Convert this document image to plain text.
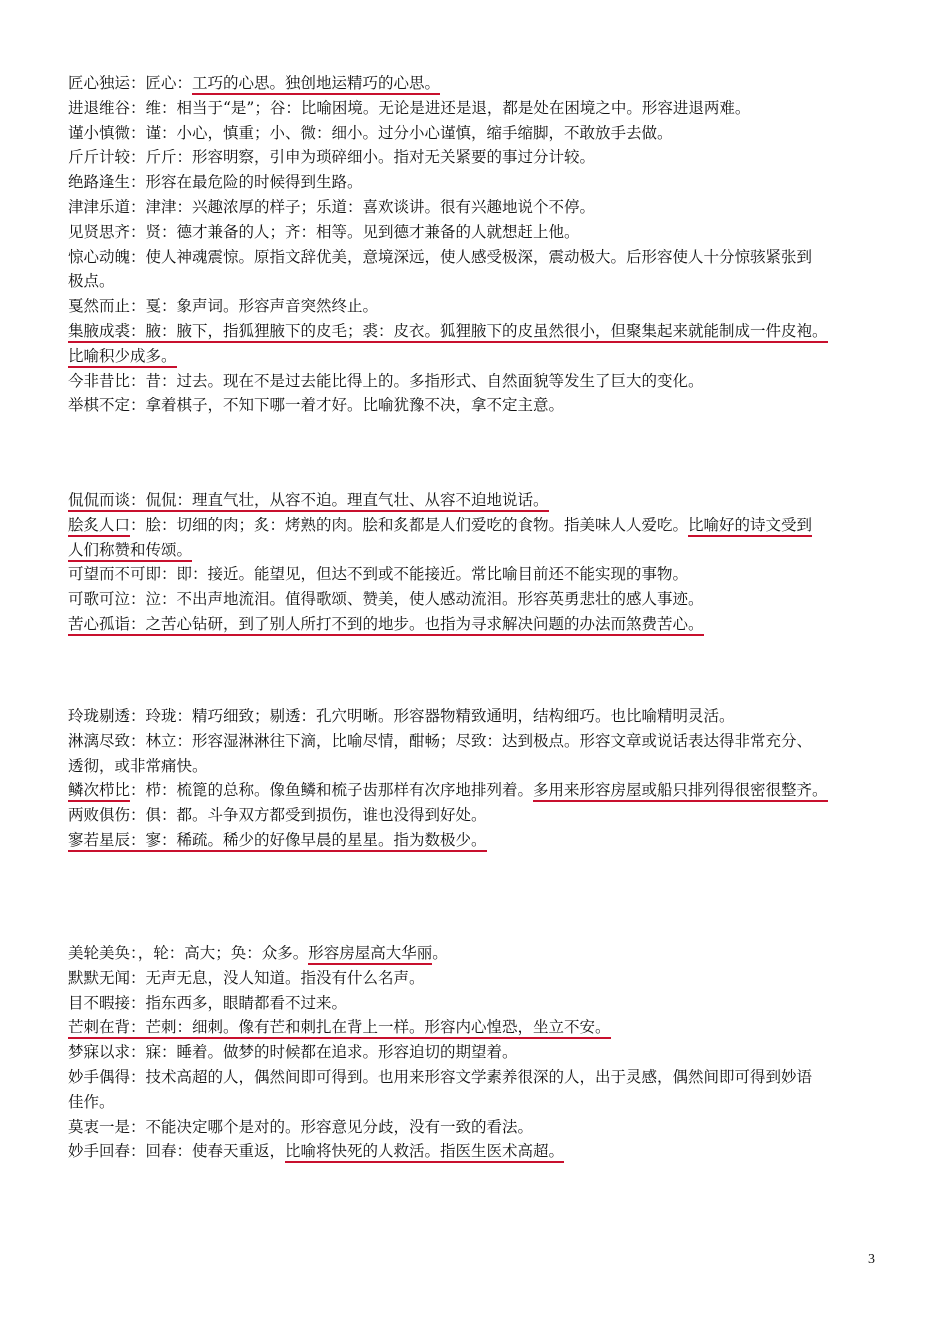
匠心独运：匠心：工巧的心思。独创地运精巧的心思。
进退维谷：维：相当于“是”；谷：比喻困境。无论是进还是退，都是处在困境之中。形容进退两难。
谨小慎微：谨：小心，慎重；小、微：细小。过分小心谨慎，缩手缩脚，不敢放手去做。
斤斤计较：斤斤：形容明察，引申为琐碎细小。指对无关紧要的事过分计较。
绝路逢生：形容在最危险的时候得到生路。
津津乐道：津津：兴趣浓厚的样子；乐道：喜欢谈讲。很有兴趣地说个不停。
见贤思齐：贤：德才兼备的人；齐：相等。见到德才兼备的人就想赶上他。
惊心动魄：使人神魂震惊。原指文辞优美，意境深远，使人感受极深，震动极大。后形容使人十分惊骇紧张到
极点。
戛然而止：戛：象声词。形容声音突然终止。
集腋成裘：腋：腋下，指狐狸腋下的皮毛；裘：皮衣。狐狸腋下的皮虽然很小，但聚集起来就能制成一件皮袍。
比喻积少成多。
今非昔比：昔：过去。现在不是过去能比得上的。多指形式、自然面貌等发生了巨大的变化。
举棋不定：拿着棋子，不知下哪一着才好。比喻犹豫不决，拿不定主意。
侃侃而谈：侃侃：理直气壮，从容不迫。理直气壮、从容不迫地说话。
脍炙人口：脍：切细的肉；炙：烤熟的肉。脍和炙都是人们爱吃的食物。指美味人人爱吃。比喻好的诗文受到
人们称赞和传颂。
可望而不可即：即：接近。能望见，但达不到或不能接近。常比喻目前还不能实现的事物。
可歌可泣：泣：不出声地流泪。值得歌颂、赞美，使人感动流泪。形容英勇悲壮的感人事迹。
苦心孤诣：之苦心钻研，到了别人所打不到的地步。也指为寻求解决问题的办法而煞费苦心。
玲珑剔透：玲珑：精巧细致；剔透：孔穴明晰。形容器物精致通明，结构细巧。也比喻精明灵活。
淋漓尽致：林立：形容湿淋淋往下滴，比喻尽情，酣畅；尽致：达到极点。形容文章或说话表达得非常充分、
透彻，或非常痛快。
鳞次栉比：栉：梳篦的总称。像鱼鳞和梳子齿那样有次序地排列着。多用来形容房屋或船只排列得很密很整齐。
两败俱伤：俱：都。斗争双方都受到损伤，谁也没得到好处。
寥若星辰：寥：稀疏。稀少的好像早晨的星星。指为数极少。
美轮美奂：，轮：高大；奂：众多。形容房屋高大华丽。
默默无闻：无声无息，没人知道。指没有什么名声。
目不暇接：指东西多，眼睛都看不过来。
芒刺在背：芒刺：细刺。像有芒和刺扎在背上一样。形容内心惶恐，坐立不安。
梦寐以求：寐：睡着。做梦的时候都在追求。形容迫切的期望着。
妙手偶得：技术高超的人，偶然间即可得到。也用来形容文学素养很深的人，出于灵感，偶然间即可得到妙语
佳作。
莫衷一是：不能决定哪个是对的。形容意见分歧，没有一致的看法。
妙手回春：回春：使春天重返，比喻将快死的人救活。指医生医术高超。
3
